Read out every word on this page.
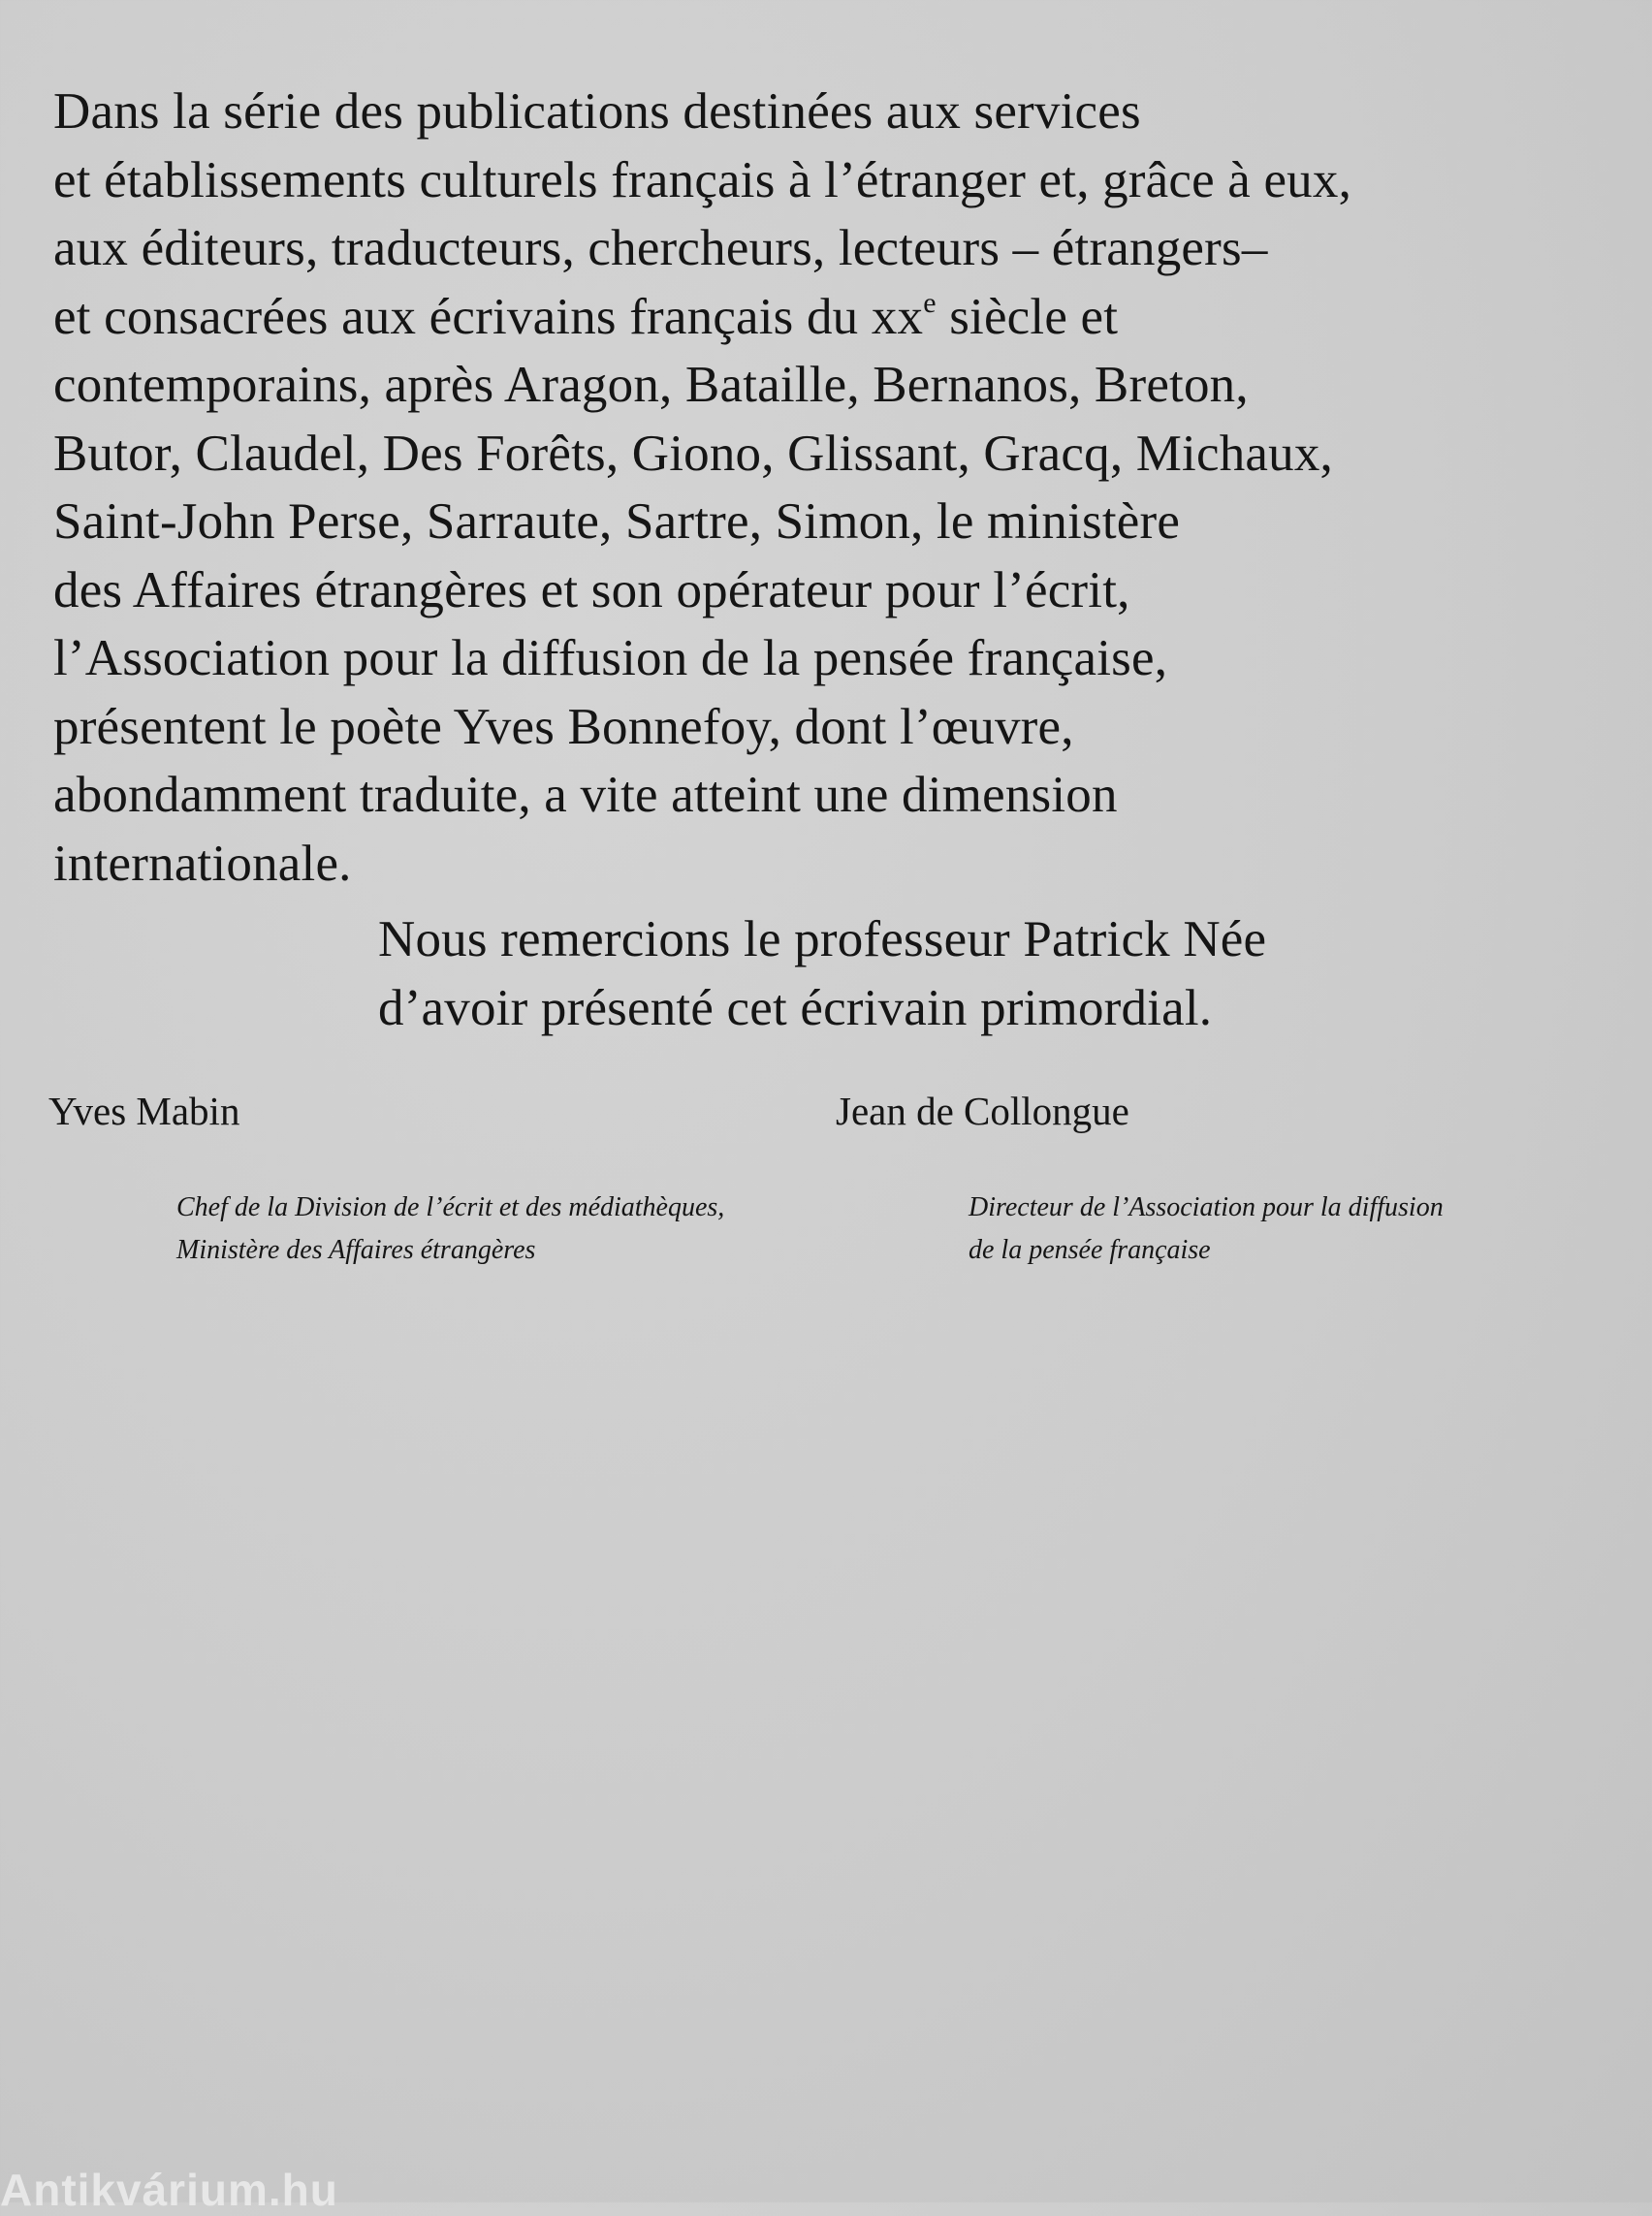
Dans la série des publications destinées aux services
et établissements culturels français à l’étranger et, grâce à eux,
aux éditeurs, traducteurs, chercheurs, lecteurs – étrangers–
et consacrées aux écrivains français du $xx^e$ siècle et
contemporains, après Aragon, Bataille, Bernanos, Breton,
Butor, Claudel, Des Forêts, Giono, Glissant, Gracq, Michaux,
Saint-John Perse, Sarraute, Sartre, Simon, le ministère
des Affaires étrangères et son opérateur pour l’écrit,
l’Association pour la diffusion de la pensée française,
présentent le poète Yves Bonnefoy, dont l’œuvre,
abondamment traduite, a vite atteint une dimension
internationale.

Nous remercions le professeur Patrick Née
d’avoir présenté cet écrivain primordial.

Yves Mabin
Chef de la Division de l’écrit et des médiathèques,
Ministère des Affaires étrangères
Jean de Collongue
Directeur de l’Association pour la diffusion
de la pensée française
Antikvárium.hu
